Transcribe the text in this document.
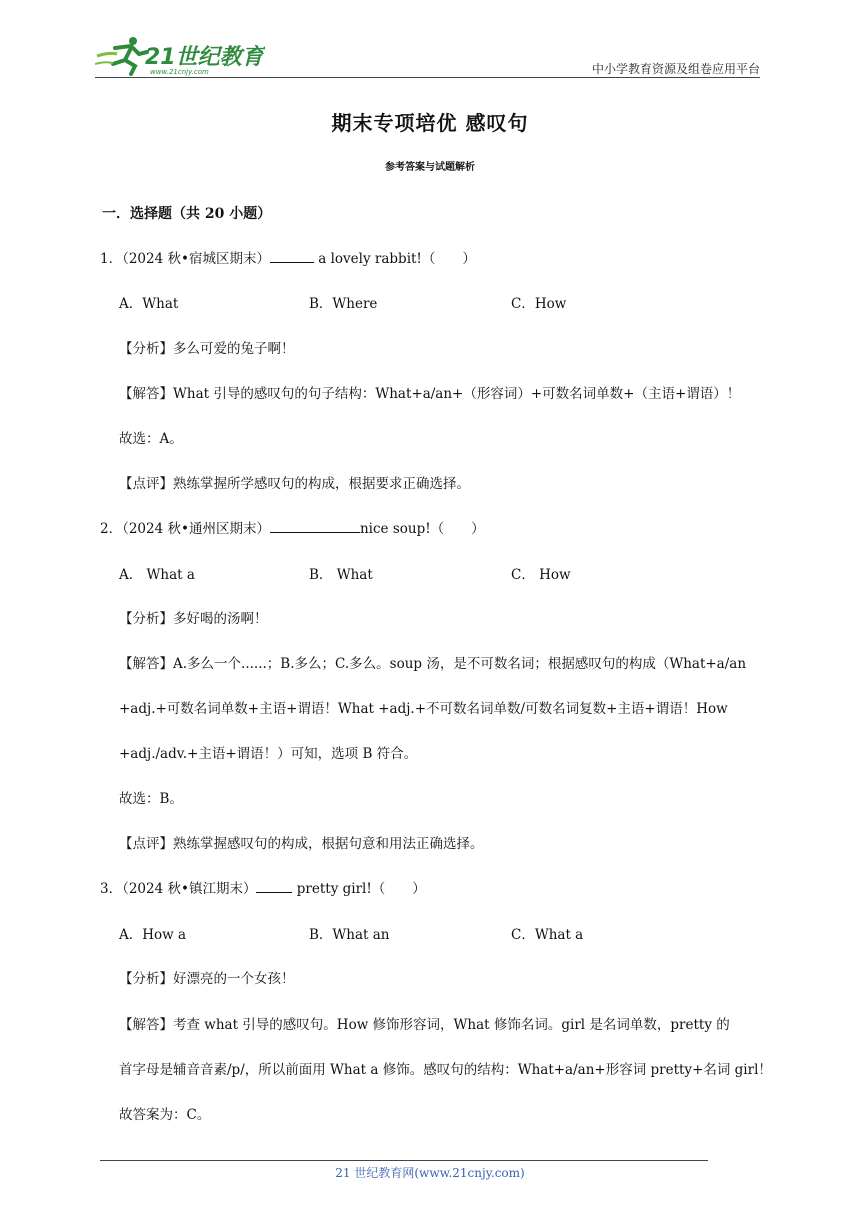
21世纪教育
www.21cnjy.com	中小学教育资源及组卷应用平台
期末专项培优 感叹句
参考答案与试题解析
一．选择题（共 20 小题）
1．（2024 秋•宿城区期末）	a lovely rabbit!（　　）
A．What	B．Where	C．How
【分析】多么可爱的兔子啊！
【解答】What 引导的感叹句的句子结构：What+a/an+（形容词）+可数名词单数+（主语+谓语）！
故选：A。
【点评】熟练掌握所学感叹句的构成，根据要求正确选择。
2．（2024 秋•通州区期末）	nice soup!（　　）
A． What a	B． What	C． How
【分析】多好喝的汤啊！
【解答】A.多么一个......；B.多么；C.多么。soup 汤，是不可数名词；根据感叹句的构成（What+a/an
+adj.+可数名词单数+主语+谓语！What +adj.+不可数名词单数/可数名词复数+主语+谓语！How
+adj./adv.+主语+谓语！）可知，选项 B 符合。
故选：B。
【点评】熟练掌握感叹句的构成，根据句意和用法正确选择。
3．（2024 秋•镇江期末）	pretty girl!（　　）
A．How a	B．What an	C．What a
【分析】好漂亮的一个女孩！
【解答】考查 what 引导的感叹句。How 修饰形容词，What 修饰名词。girl 是名词单数，pretty 的
首字母是辅音音素/p/，所以前面用 What a 修饰。感叹句的结构：What+a/an+形容词 pretty+名词 girl！
故答案为：C。
21 世纪教育网(www.21cnjy.com)
